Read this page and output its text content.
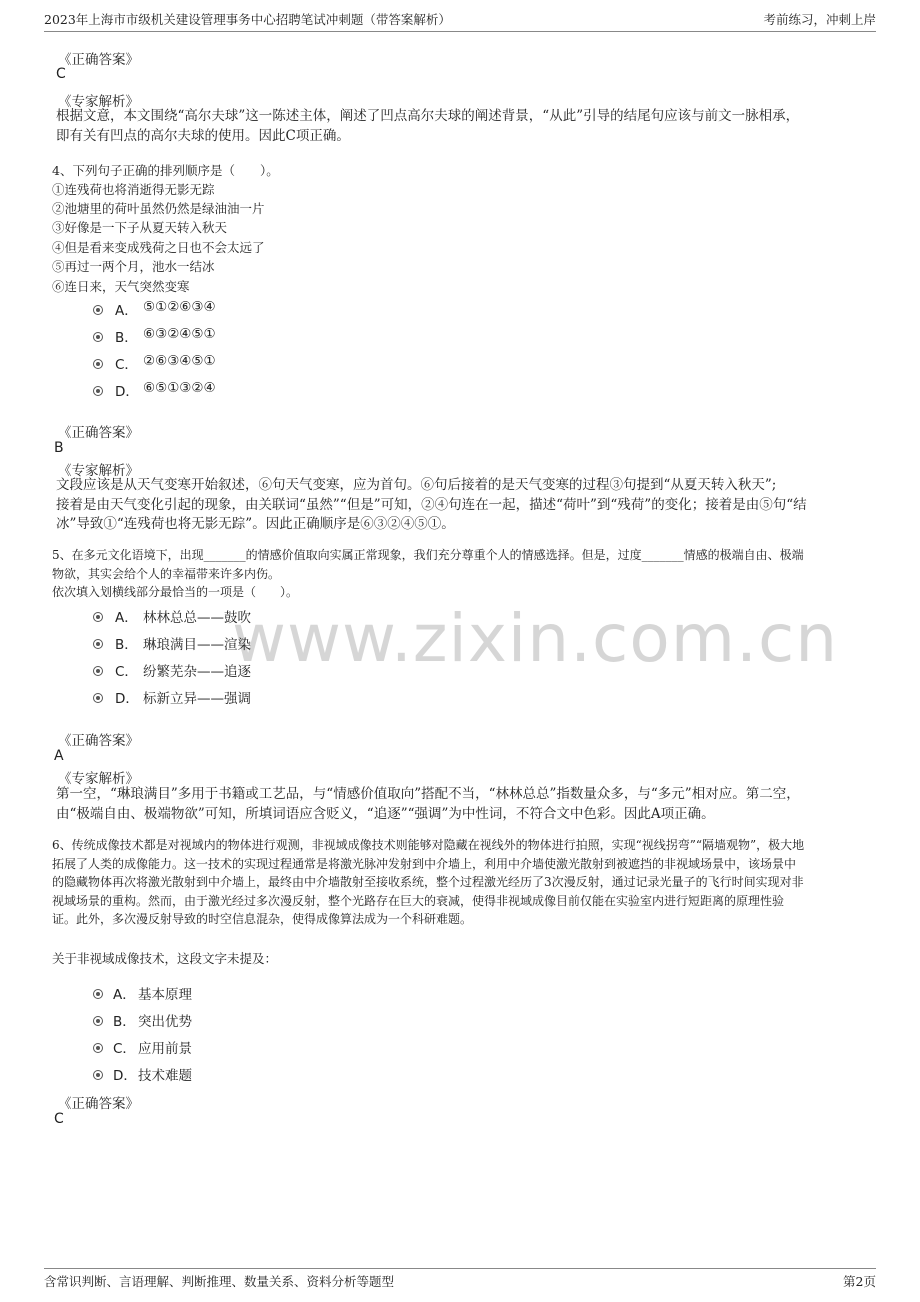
2023年上海市市级机关建设管理事务中心招聘笔试冲刺题（带答案解析）	考前练习，冲刺上岸
www.zixin.com.cn
《正确答案》
C
《专家解析》
根据文意，本文围绕“高尔夫球”这一陈述主体，阐述了凹点高尔夫球的阐述背景，“从此”引导的结尾句应该与前文一脉相承，
即有关有凹点的高尔夫球的使用。因此C项正确。
4、下列句子正确的排列顺序是（　　）。
①连残荷也将消逝得无影无踪
②池塘里的荷叶虽然仍然是绿油油一片
③好像是一下子从夏天转入秋天
④但是看来变成残荷之日也不会太远了
⑤再过一两个月，池水一结冰
⑥连日来，天气突然变寒
A． ⑤①②⑥③④
B． ⑥③②④⑤①
C． ②⑥③④⑤①
D． ⑥⑤①③②④
《正确答案》
B
《专家解析》
文段应该是从天气变寒开始叙述，⑥句天气变寒，应为首句。⑥句后接着的是天气变寒的过程③句提到“从夏天转入秋天”;
接着是由天气变化引起的现象，由关联词“虽然”“但是”可知，②④句连在一起，描述“荷叶”到“残荷”的变化；接着是由⑤句“结
冰”导致①“连残荷也将无影无踪”。因此正确顺序是⑥③②④⑤①。
5、在多元文化语境下，出现_______的情感价值取向实属正常现象，我们充分尊重个人的情感选择。但是，过度_______情感的极端自由、极端
物欲，其实会给个人的幸福带来许多内伤。
依次填入划横线部分最恰当的一项是（　　）。
A． 林林总总——鼓吹
B． 琳琅满目——渲染
C． 纷繁芜杂——追逐
D． 标新立异——强调
《正确答案》
A
《专家解析》
第一空，“琳琅满目”多用于书籍或工艺品，与“情感价值取向”搭配不当，“林林总总”指数量众多，与“多元”相对应。第二空，
由“极端自由、极端物欲”可知，所填词语应含贬义，“追逐”“强调”为中性词，不符合文中色彩。因此A项正确。
6、传统成像技术都是对视域内的物体进行观测，非视域成像技术则能够对隐藏在视线外的物体进行拍照，实现“视线拐弯”“隔墙观物”，极大地
拓展了人类的成像能力。这一技术的实现过程通常是将激光脉冲发射到中介墙上，利用中介墙使激光散射到被遮挡的非视域场景中，该场景中
的隐藏物体再次将激光散射到中介墙上，最终由中介墙散射至接收系统，整个过程激光经历了3次漫反射，通过记录光量子的飞行时间实现对非
视域场景的重构。然而，由于激光经过多次漫反射，整个光路存在巨大的衰减，使得非视域成像目前仅能在实验室内进行短距离的原理性验
证。此外，多次漫反射导致的时空信息混杂，使得成像算法成为一个科研难题。
关于非视域成像技术，这段文字未提及：
A． 基本原理
B． 突出优势
C． 应用前景
D． 技术难题
《正确答案》
C
含常识判断、言语理解、判断推理、数量关系、资料分析等题型	第2页
